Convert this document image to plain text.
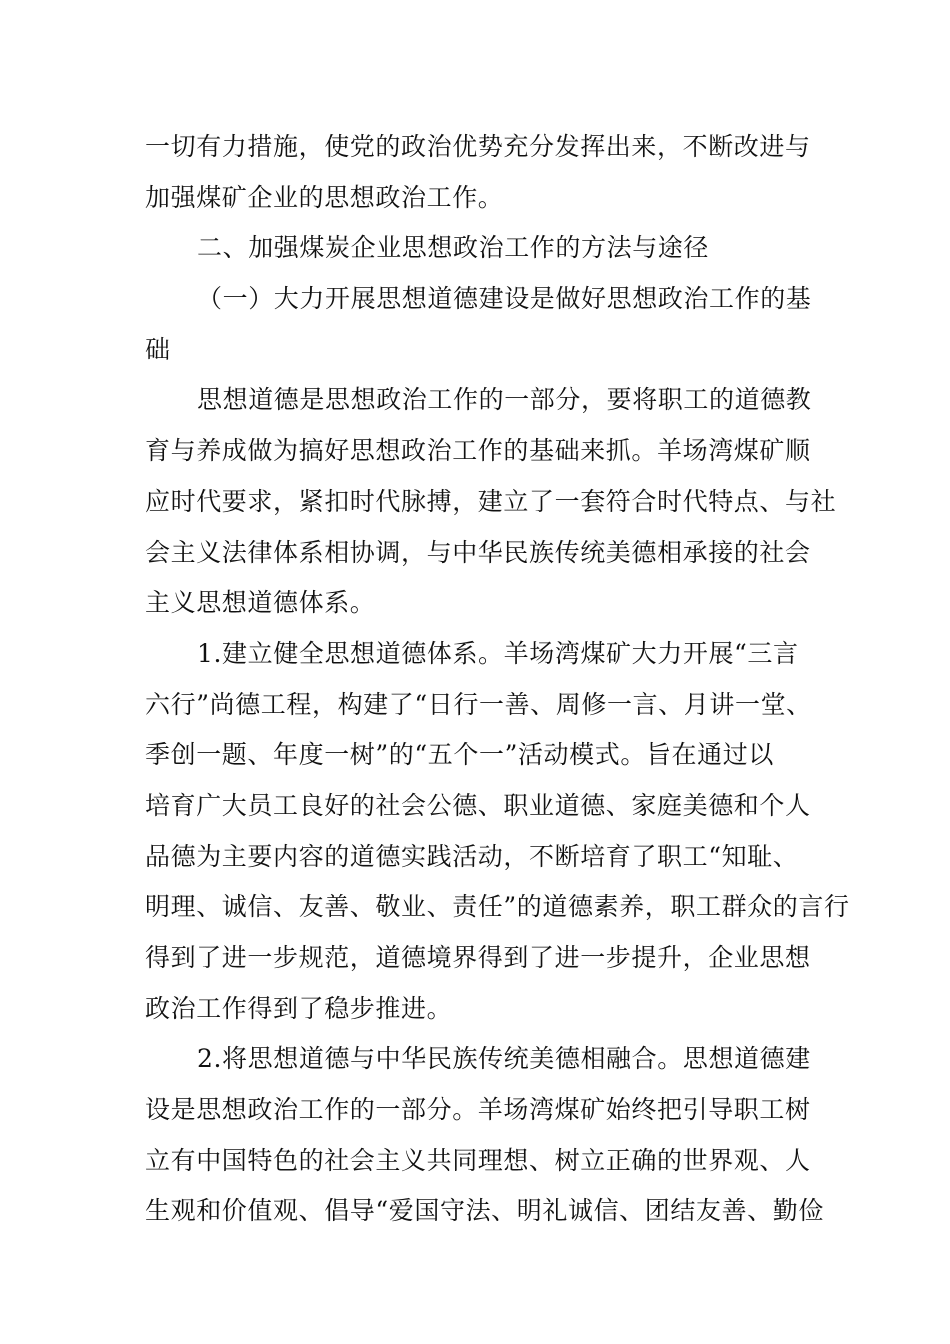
一切有力措施，使党的政治优势充分发挥出来，不断改进与
加强煤矿企业的思想政治工作。
二、加强煤炭企业思想政治工作的方法与途径
（一）大力开展思想道德建设是做好思想政治工作的基
础
思想道德是思想政治工作的一部分，要将职工的道德教
育与养成做为搞好思想政治工作的基础来抓。羊场湾煤矿顺
应时代要求，紧扣时代脉搏，建立了一套符合时代特点、与社
会主义法律体系相协调，与中华民族传统美德相承接的社会
主义思想道德体系。
1.建立健全思想道德体系。羊场湾煤矿大力开展“三言
六行”尚德工程，构建了“日行一善、周修一言、月讲一堂、
季创一题、年度一树”的“五个一”活动模式。旨在通过以
培育广大员工良好的社会公德、职业道德、家庭美德和个人
品德为主要内容的道德实践活动，不断培育了职工“知耻、
明理、诚信、友善、敬业、责任”的道德素养，职工群众的言行
得到了进一步规范，道德境界得到了进一步提升，企业思想
政治工作得到了稳步推进。
2.将思想道德与中华民族传统美德相融合。思想道德建
设是思想政治工作的一部分。羊场湾煤矿始终把引导职工树
立有中国特色的社会主义共同理想、树立正确的世界观、人
生观和价值观、倡导“爱国守法、明礼诚信、团结友善、勤俭
